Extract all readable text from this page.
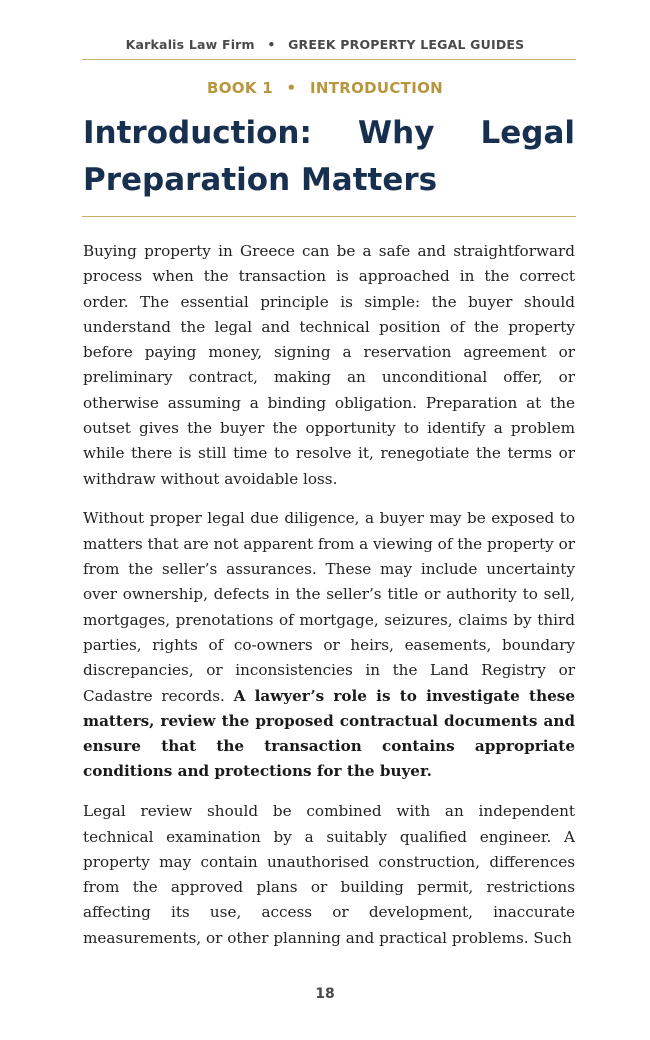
Karkalis Law Firm • GREEK PROPERTY LEGAL GUIDES
BOOK 1 • INTRODUCTION
Introduction: Why Legal Preparation Matters

Buying property in Greece can be a safe and straightforward process when the transaction is approached in the correct order. The essential principle is simple: the buyer should understand the legal and technical position of the property before paying money, signing a reservation agreement or preliminary contract, making an unconditional offer, or otherwise assuming a binding obligation. Preparation at the outset gives the buyer the opportunity to identify a problem while there is still time to resolve it, renegotiate the terms or withdraw without avoidable loss.

Without proper legal due diligence, a buyer may be exposed to matters that are not apparent from a viewing of the property or from the seller’s assurances. These may include uncertainty over ownership, defects in the seller’s title or authority to sell, mortgages, prenotations of mortgage, seizures, claims by third parties, rights of co-owners or heirs, easements, boundary discrepancies, or inconsistencies in the Land Registry or Cadastre records. A lawyer’s role is to investigate these matters, review the proposed contractual documents and ensure that the transaction contains appropriate conditions and protections for the buyer.

Legal review should be combined with an independent technical examination by a suitably qualified engineer. A property may contain unauthorised construction, differences from the approved plans or building permit, restrictions affecting its use, access or development, inaccurate measurements, or other planning and practical problems. Such

18
